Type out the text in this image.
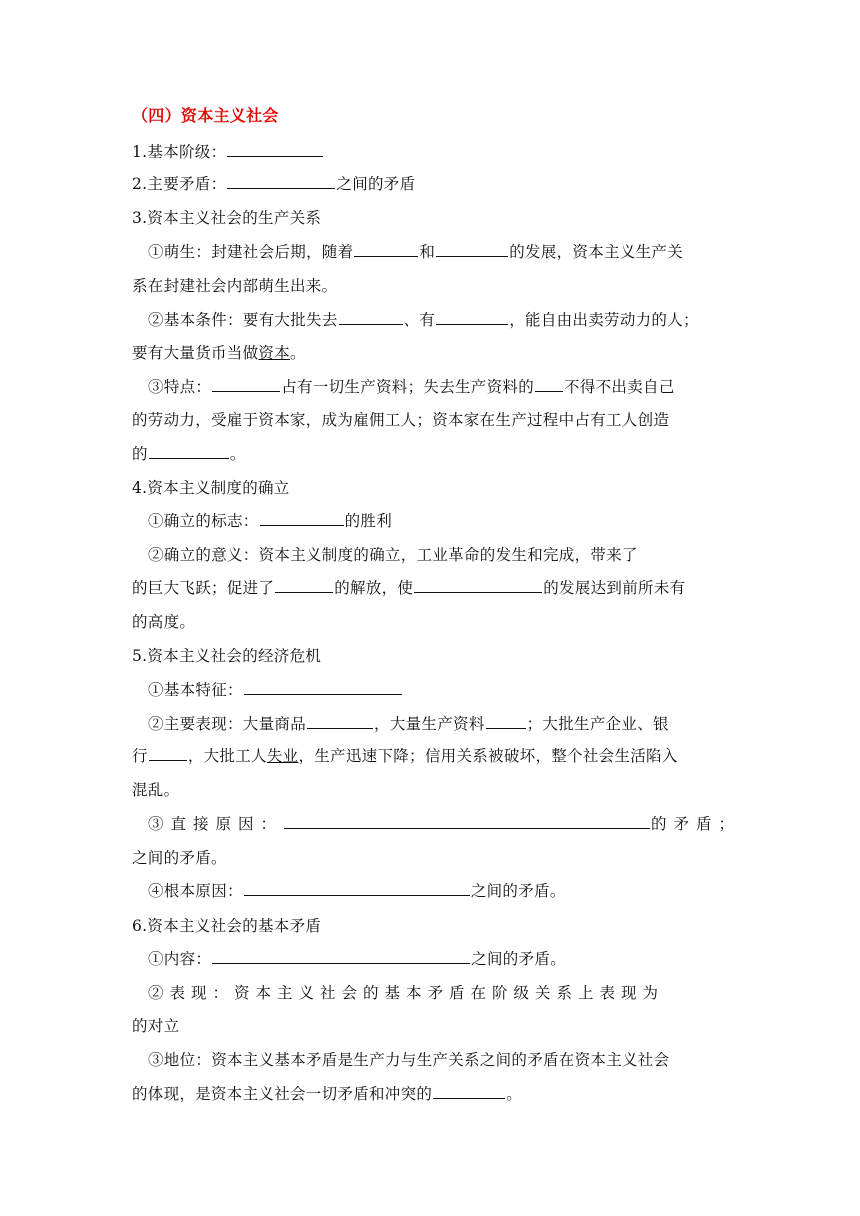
（四）资本主义社会
1.基本阶级：
2.主要矛盾：	之间的矛盾
3.资本主义社会的生产关系
①萌生：封建社会后期，随着	和	的发展，资本主义生产关
系在封建社会内部萌生出来。
②基本条件：要有大批失去	、有	，能自由出卖劳动力的人；
要有大量货币当做资本。
③特点：	占有一切生产资料；失去生产资料的 不得不出卖自己
的劳动力，受雇于资本家，成为雇佣工人；资本家在生产过程中占有工人创造
的	。
4.资本主义制度的确立
①确立的标志：	的胜利
②确立的意义：资本主义制度的确立，工业革命的发生和完成，带来了
的巨大飞跃；促进了	的解放，使	的发展达到前所未有
的高度。
5.资本主义社会的经济危机
①基本特征：
②主要表现：大量商品	，大量生产资料	；大批生产企业、银
行	，大批工人失业，生产迅速下降；信用关系被破坏，整个社会生活陷入
混乱。
③直接原因：	的矛盾；
之间的矛盾。
④根本原因：	之间的矛盾。
6.资本主义社会的基本矛盾
①内容：	之间的矛盾。
②表现：资本主义社会的基本矛盾在阶级关系上表现为
的对立
③地位：资本主义基本矛盾是生产力与生产关系之间的矛盾在资本主义社会
的体现，是资本主义社会一切矛盾和冲突的	。
